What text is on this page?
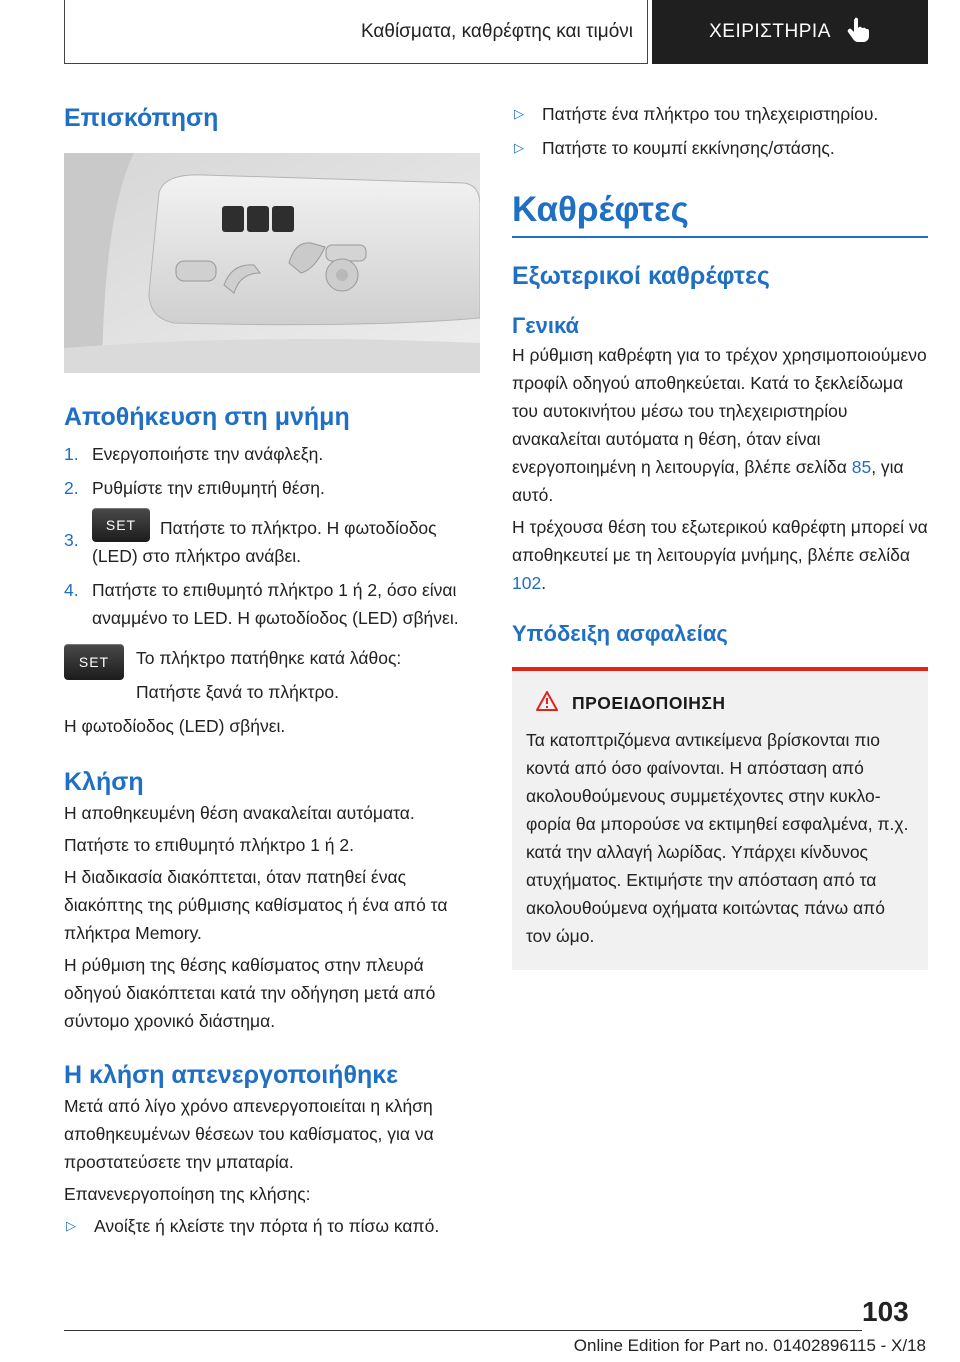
Καθίσματα, καθρέφτης και τιμόνι	ΧΕΙΡΙΣΤΗΡΙΑ
Επισκόπηση
Αποθήκευση στη μνήμη
1. Ενεργοποιήστε την ανάφλεξη.
2. Ρυθμίστε την επιθυμητή θέση.
3.
SET Πατήστε το πλήκτρο. Η φωτοδίοδος (LED) στο πλήκτρο ανάβει.
4. Πατήστε το επιθυμητό πλήκτρο 1 ή 2, όσο είναι αναμμένο το LED. Η φωτοδίοδος (LED) σβήνει.
SET Το πλήκτρο πατήθηκε κατά λάθος:

Πατήστε ξανά το πλήκτρο.

Η φωτοδίοδος (LED) σβήνει.

Κλήση

Η αποθηκευμένη θέση ανακαλείται αυτόματα.

Πατήστε το επιθυμητό πλήκτρο 1 ή 2.

Η διαδικασία διακόπτεται, όταν πατηθεί ένας διακόπτης της ρύθμισης καθίσματος ή ένα από τα πλήκτρα Memory.

Η ρύθμιση της θέσης καθίσματος στην πλευρά οδηγού διακόπτεται κατά την οδήγηση μετά από σύντομο χρονικό διάστημα.

Η κλήση απενεργοποιήθηκε

Μετά από λίγο χρόνο απενεργοποιείται η κλήση αποθηκευμένων θέσεων του καθίσματος, για να προστατεύσετε την μπαταρία.

Επανενεργοποίηση της κλήσης:

▷	Ανοίξτε ή κλείστε την πόρτα ή το πίσω καπό.
▷	Πατήστε ένα πλήκτρο του τηλεχειριστηρίου.
▷	Πατήστε το κουμπί εκκίνησης/στάσης.
Καθρέφτες
Εξωτερικοί καθρέφτες
Γενικά

Η ρύθμιση καθρέφτη για το τρέχον χρησιμοποιούμενο προφίλ οδηγού αποθηκεύεται. Κατά το ξεκλείδωμα του αυτοκινήτου μέσω του τηλεχειριστηρίου ανακαλείται αυτόματα η θέση, όταν είναι ενεργοποιημένη η λειτουργία, βλέπε σελίδα 85, για αυτό.

Η τρέχουσα θέση του εξωτερικού καθρέφτη μπορεί να αποθηκευτεί με τη λειτουργία μνήμης, βλέπε σελίδα 102.

Υπόδειξη ασφαλείας
ΠΡΟΕΙΔΟΠΟΙΗΣΗ

Τα κατοπτριζόμενα αντικείμενα βρίσκονται πιο κοντά από όσο φαίνονται. Η απόσταση από ακολουθούμενους συμμετέχοντες στην κυκλοφορία θα μπορούσε να εκτιμηθεί εσφαλμένα, π.χ. κατά την αλλαγή λωρίδας. Υπάρχει κίνδυνος ατυχήματος. Εκτιμήστε την απόσταση από τα ακολουθούμενα οχήματα κοιτώντας πάνω από τον ώμο.

103
Online Edition for Part no. 01402896115 - X/18
